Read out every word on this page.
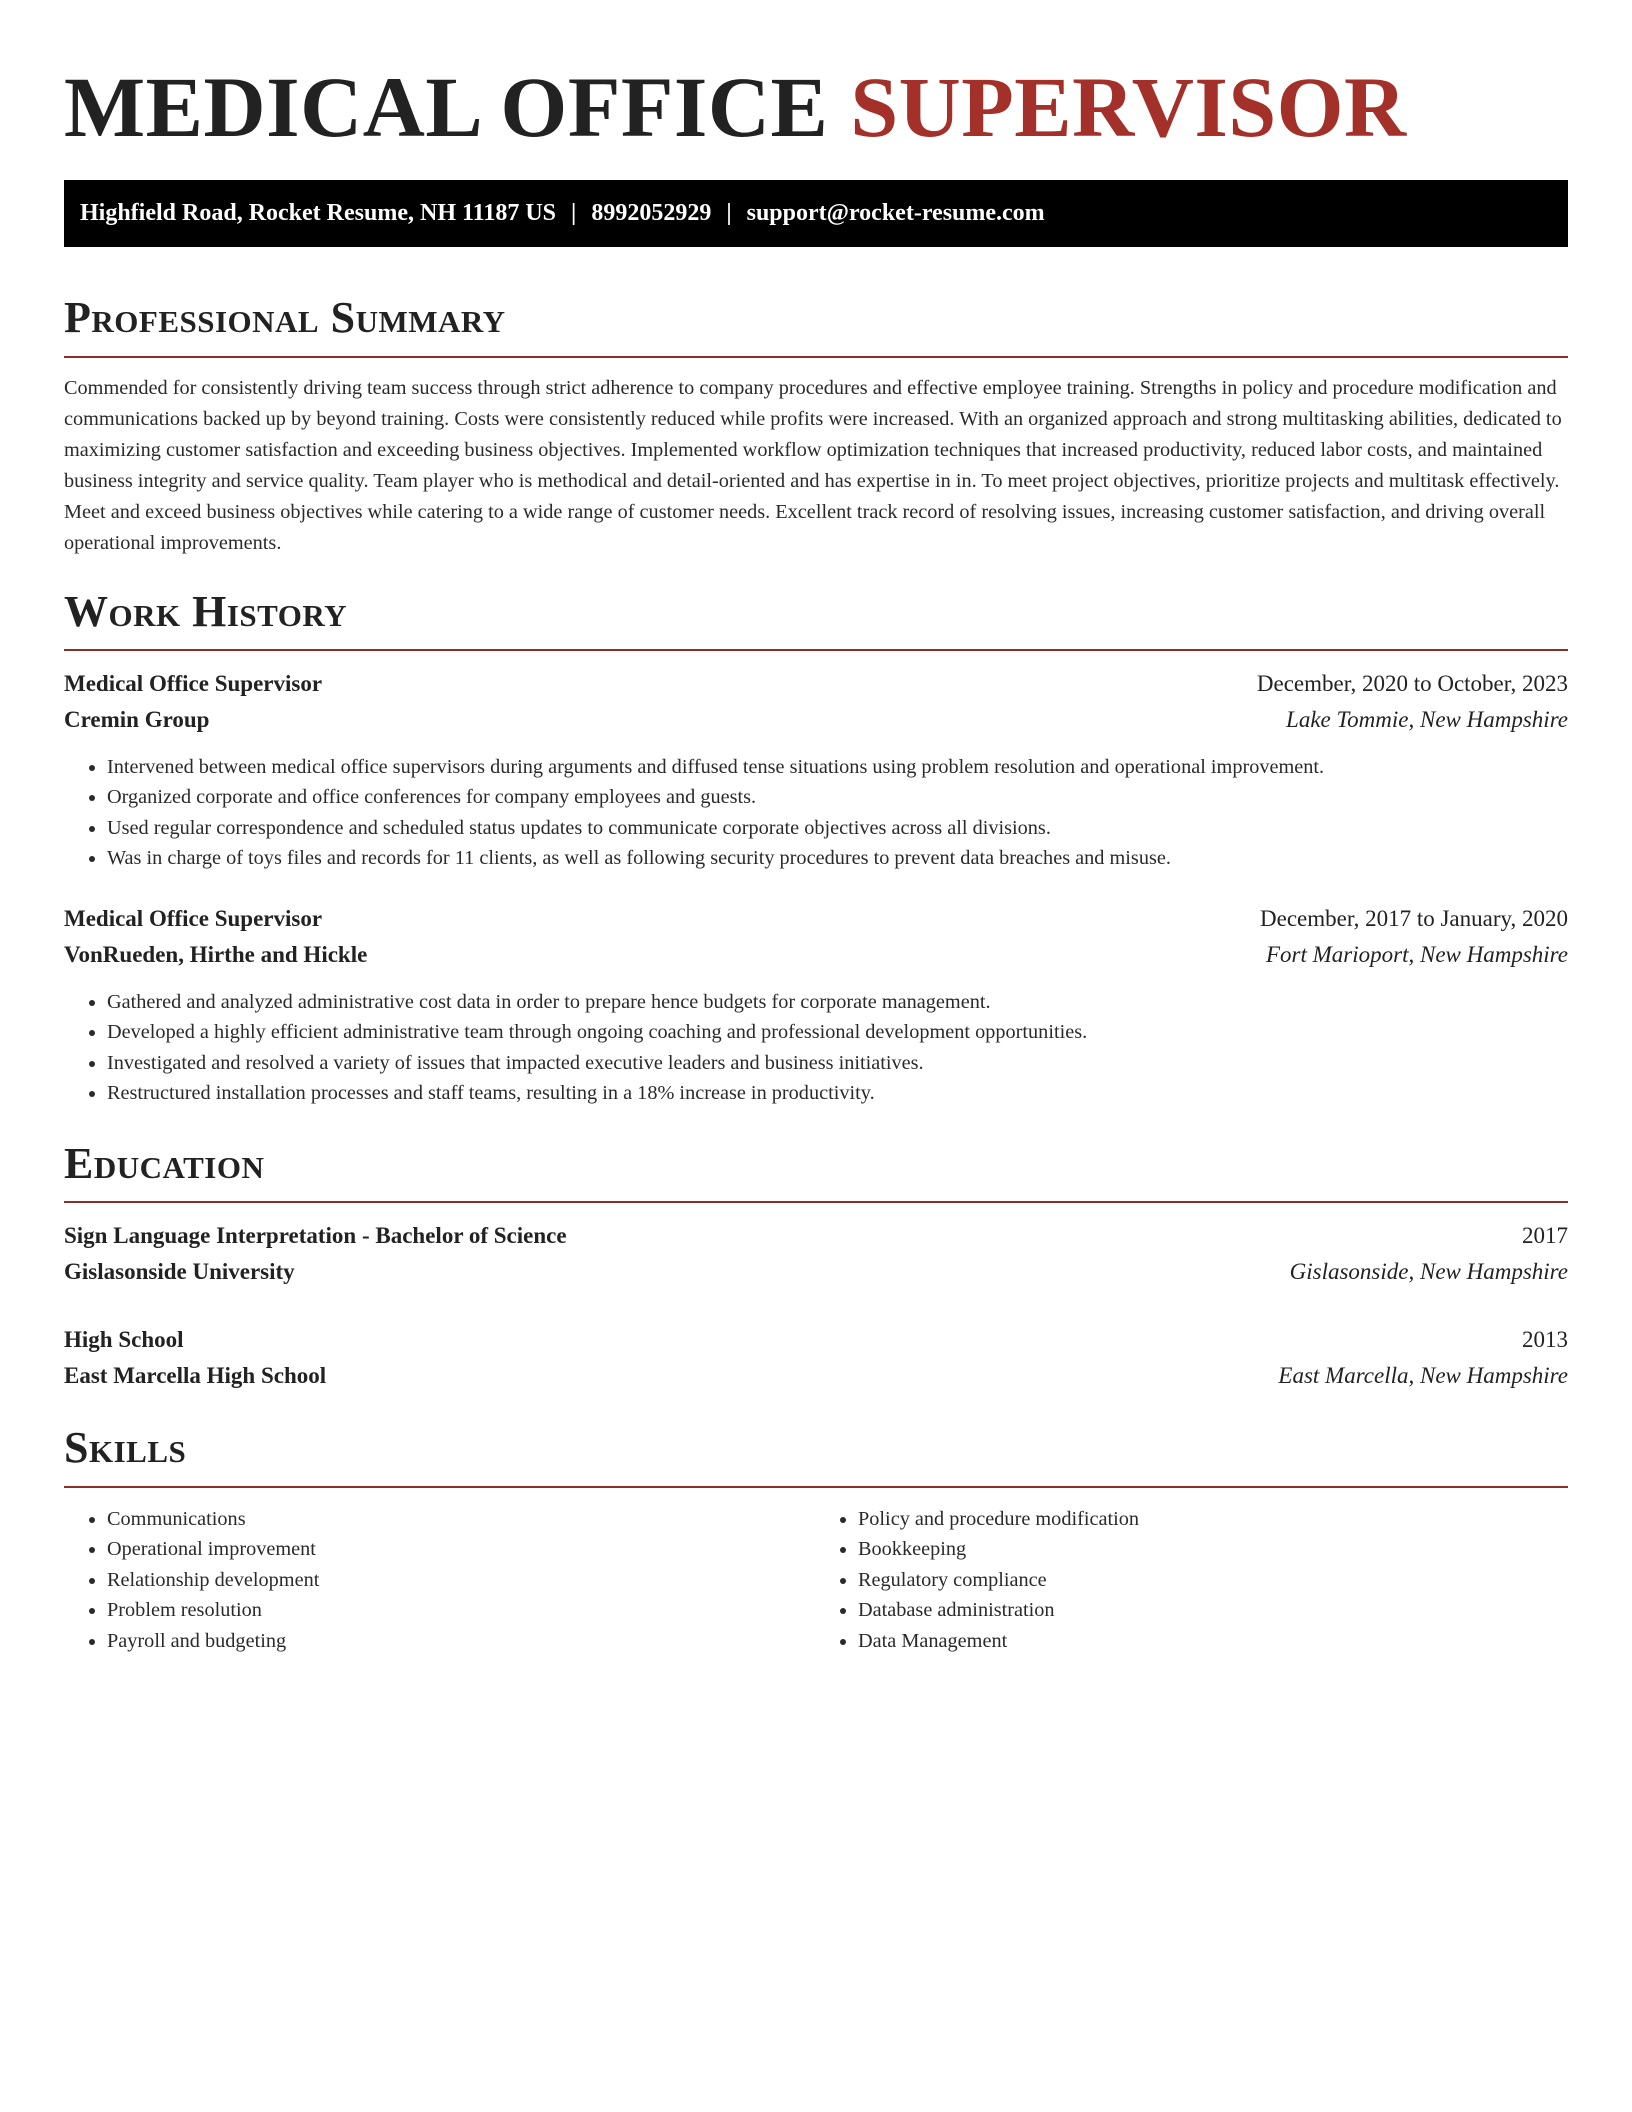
MEDICAL OFFICE SUPERVISOR
Highfield Road, Rocket Resume, NH 11187 US | 8992052929 | support@rocket-resume.com
Professional Summary

Commended for consistently driving team success through strict adherence to company procedures and effective employee training. Strengths in policy and procedure modification and communications backed up by beyond training. Costs were consistently reduced while profits were increased. With an organized approach and strong multitasking abilities, dedicated to maximizing customer satisfaction and exceeding business objectives. Implemented workflow optimization techniques that increased productivity, reduced labor costs, and maintained business integrity and service quality. Team player who is methodical and detail-oriented and has expertise in in. To meet project objectives, prioritize projects and multitask effectively. Meet and exceed business objectives while catering to a wide range of customer needs. Excellent track record of resolving issues, increasing customer satisfaction, and driving overall operational improvements.

Work History
Medical Office Supervisor	December, 2020 to October, 2023
Cremin Group	Lake Tommie, New Hampshire
• Intervened between medical office supervisors during arguments and diffused tense situations using problem resolution and operational improvement.
• Organized corporate and office conferences for company employees and guests.
• Used regular correspondence and scheduled status updates to communicate corporate objectives across all divisions.
• Was in charge of toys files and records for 11 clients, as well as following security procedures to prevent data breaches and misuse.
Medical Office Supervisor	December, 2017 to January, 2020
VonRueden, Hirthe and Hickle	Fort Marioport, New Hampshire
• Gathered and analyzed administrative cost data in order to prepare hence budgets for corporate management.
• Developed a highly efficient administrative team through ongoing coaching and professional development opportunities.
• Investigated and resolved a variety of issues that impacted executive leaders and business initiatives.
• Restructured installation processes and staff teams, resulting in a 18% increase in productivity.
Education
Sign Language Interpretation - Bachelor of Science	2017
Gislasonside University	Gislasonside, New Hampshire
High School	2013
East Marcella High School	East Marcella, New Hampshire
Skills
• Communications
• Operational improvement
• Relationship development
• Problem resolution
• Payroll and budgeting
• Policy and procedure modification
• Bookkeeping
• Regulatory compliance
• Database administration
• Data Management
